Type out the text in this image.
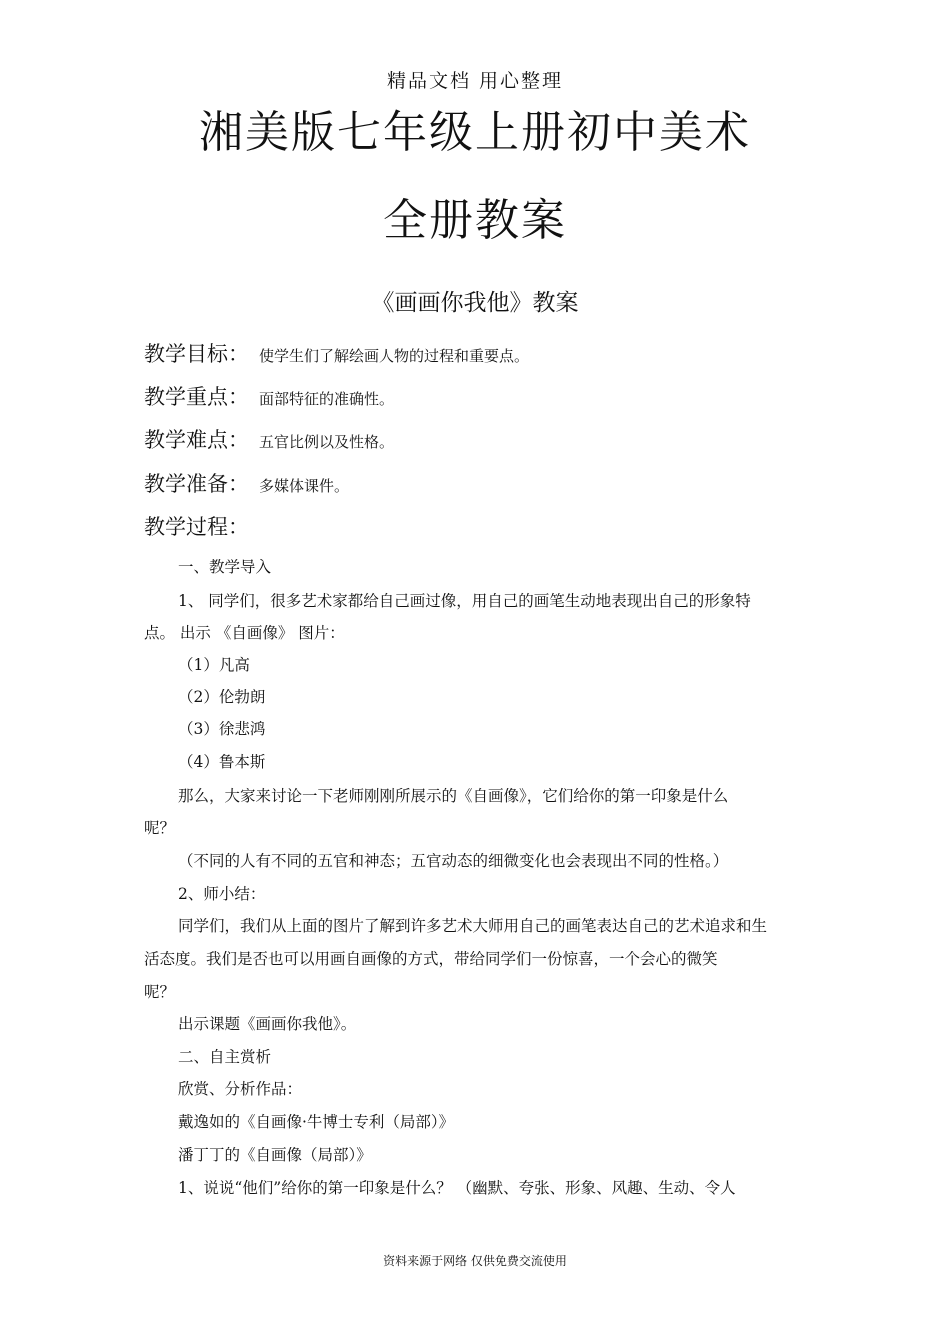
精品文档 用心整理
湘美版七年级上册初中美术
全册教案
《画画你我他》教案
教学目标： 使学生们了解绘画人物的过程和重要点。
教学重点： 面部特征的准确性。
教学难点： 五官比例以及性格。
教学准备： 多媒体课件。
教学过程：
一、教学导入
1、 同学们，很多艺术家都给自己画过像，用自己的画笔生动地表现出自己的形象特
点。 出示 《自画像》 图片：
（1）凡高
（2）伦勃朗
（3）徐悲鸿
（4）鲁本斯
那么，大家来讨论一下老师刚刚所展示的《自画像》，它们给你的第一印象是什么
呢？
（不同的人有不同的五官和神态；五官动态的细微变化也会表现出不同的性格。）
2、师小结：
同学们，我们从上面的图片了解到许多艺术大师用自己的画笔表达自己的艺术追求和生
活态度。我们是否也可以用画自画像的方式，带给同学们一份惊喜，一个会心的微笑
呢？
出示课题《画画你我他》。
二、自主赏析
欣赏、分析作品：
戴逸如的《自画像·牛博士专利（局部）》
潘丁丁的《自画像（局部）》
1、说说“他们”给你的第一印象是什么？ （幽默、夸张、形象、风趣、生动、令人
资料来源于网络 仅供免费交流使用
